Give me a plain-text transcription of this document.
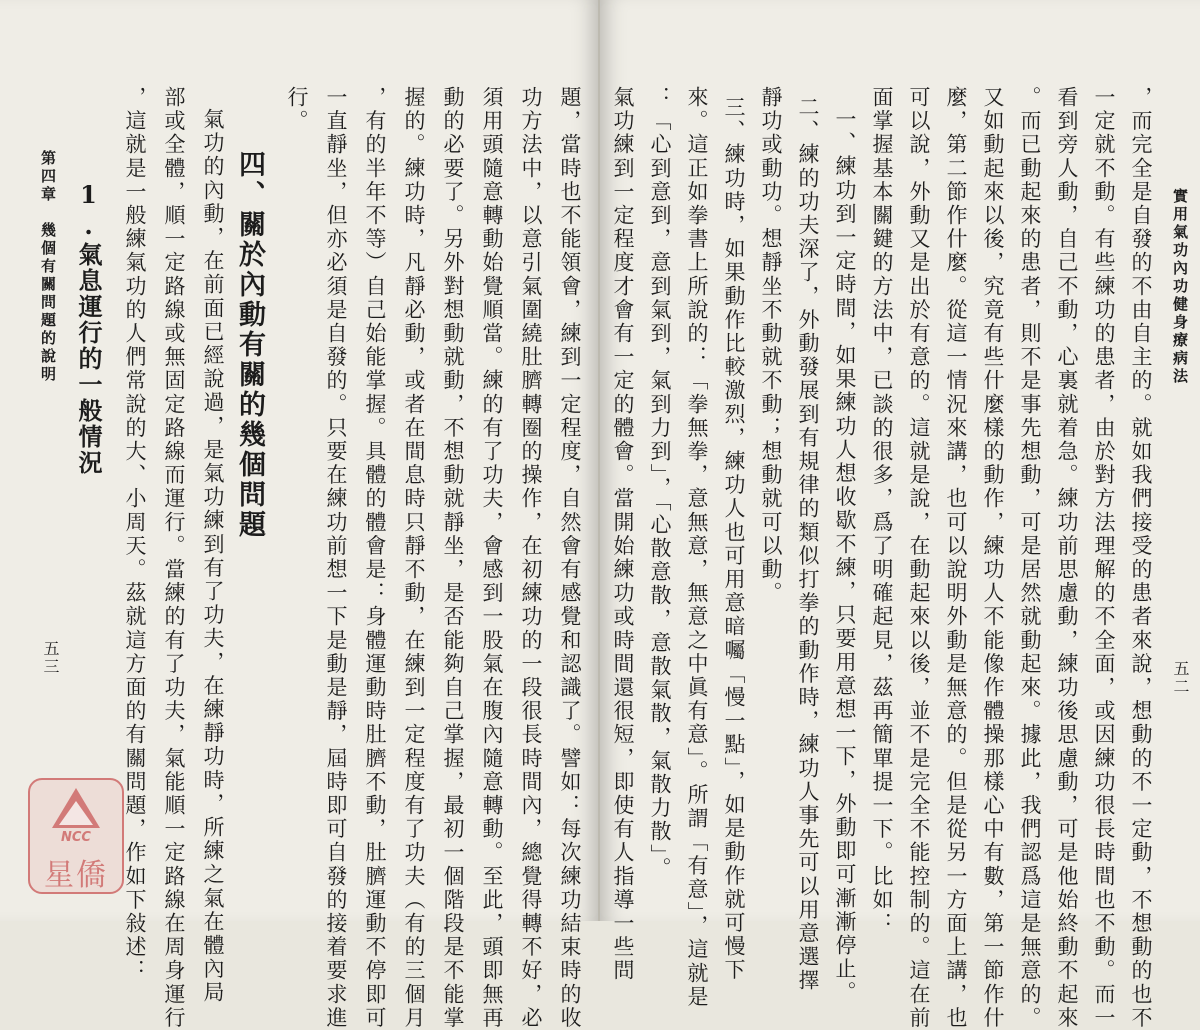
第四章　幾個有關問題的說明
五三	，這就是一般練氣功的人們常說的大、小周天。茲就這方面的有關問題，作如下敍述： 部或全體，順一定路線或無固定路線而運行。當練的有了功夫，氣能順一定路線在周身運行 氣功的內動，在前面已經說過，是氣功練到有了功夫，在練靜功時，所練之氣在體內局
1.氣息運行的一般情況	四、關於內動有關的幾個問題
行。 一直靜坐，但亦必須是自發的。只要在練功前想一下是動是靜，屆時即可自發的接着要求進 ，有的半年不等）自己始能掌握。具體的體會是：身體運動時肚臍不動，肚臍運動不停即可 握的。練功時，凡靜必動，或者在間息時只靜不動，在練到一定程度有了功夫（有的三個月 動的必要了。另外對想動就動，不想動就靜坐，是否能夠自己掌握，最初一個階段是不能掌 須用頭隨意轉動始覺順當。練的有了功夫，會感到一股氣在腹內隨意轉動。至此，頭即無再 功方法中，以意引氣圍繞肚臍轉圈的操作，在初練功的一段很長時間內，總覺得轉不好，必 題，當時也不能領會，練到一定程度，自然會有感覺和認識了。譬如：每次練功結束時的收
NCC
星僑	氣功練到一定程度才會有一定的體會。當開始練功或時間還很短，即使有人指導一些問 ：「心到意到，意到氣到，氣到力到」，「心散意散，意散氣散，氣散力散」。 來。這正如拳書上所說的：「拳無拳，意無意，無意之中眞有意」。所謂「有意」，這就是 三、練功時，如果動作比較激烈，練功人也可用意暗囑「慢一點」，如是動作就可慢下 靜功或動功。想靜坐不動就不動；想動就可以動。 二、練的功夫深了，外動發展到有規律的類似打拳的動作時，練功人事先可以用意選擇 一、練功到一定時間，如果練功人想收歇不練，只要用意想一下，外動即可漸漸停止。 面掌握基本關鍵的方法中，已談的很多，爲了明確起見，茲再簡單提一下。比如： 可以說，外動又是出於有意的。這就是說，在動起來以後，並不是完全不能控制的。這在前 麼，第二節作什麼。從這一情況來講，也可以說明外動是無意的。但是從另一方面上講，也 又如動起來以後，究竟有些什麼樣的動作，練功人不能像作體操那樣心中有數，第一節作什 。而已動起來的患者，則不是事先想動，可是居然就動起來。據此，我們認爲這是無意的。 看到旁人動，自己不動，心裏就着急。練功前思慮動，練功後思慮動，可是他始終動不起來 一定就不動。有些練功的患者，由於對方法理解的不全面，或因練功很長時間也不動。而一 ，而完全是自發的不由自主的。就如我們接受的患者來說，想動的不一定動，不想動的也不 實用氣功內功健身療病法
五二
